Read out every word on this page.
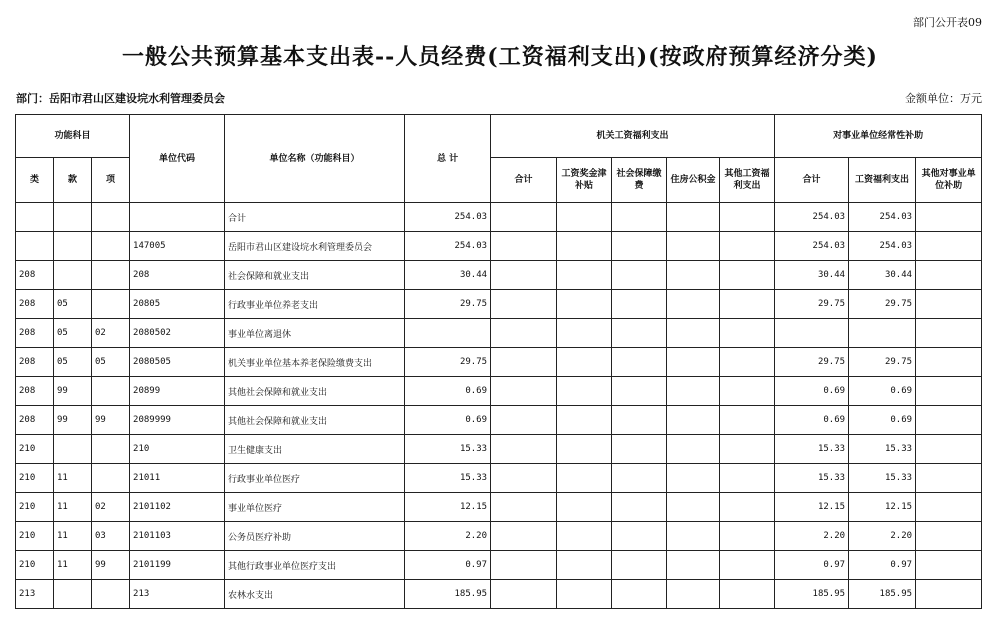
部门公开表09
一般公共预算基本支出表--人员经费(工资福利支出)(按政府预算经济分类)
部门：岳阳市君山区建设垸水利管理委员会	金额单位：万元
功能科目			单位代码	单位名称（功能科目）	总 计	机关工资福利支出					对事业单位经常性补助		
类	款	项				合计	工资奖金津补贴	社会保障缴费	住房公积金	其他工资福利支出	合计	工资福利支出	其他对事业单位补助
				合计	254.03						254.03	254.03	
			147005	岳阳市君山区建设垸水利管理委员会	254.03						254.03	254.03	
208			208	社会保障和就业支出	30.44						30.44	30.44	
208	05		20805	行政事业单位养老支出	29.75						29.75	29.75	
208	05	02	2080502	事业单位离退休									
208	05	05	2080505	机关事业单位基本养老保险缴费支出	29.75						29.75	29.75	
208	99		20899	其他社会保障和就业支出	0.69						0.69	0.69	
208	99	99	2089999	其他社会保障和就业支出	0.69						0.69	0.69	
210			210	卫生健康支出	15.33						15.33	15.33	
210	11		21011	行政事业单位医疗	15.33						15.33	15.33	
210	11	02	2101102	事业单位医疗	12.15						12.15	12.15	
210	11	03	2101103	公务员医疗补助	2.20						2.20	2.20	
210	11	99	2101199	其他行政事业单位医疗支出	0.97						0.97	0.97	
213			213	农林水支出	185.95						185.95	185.95	
